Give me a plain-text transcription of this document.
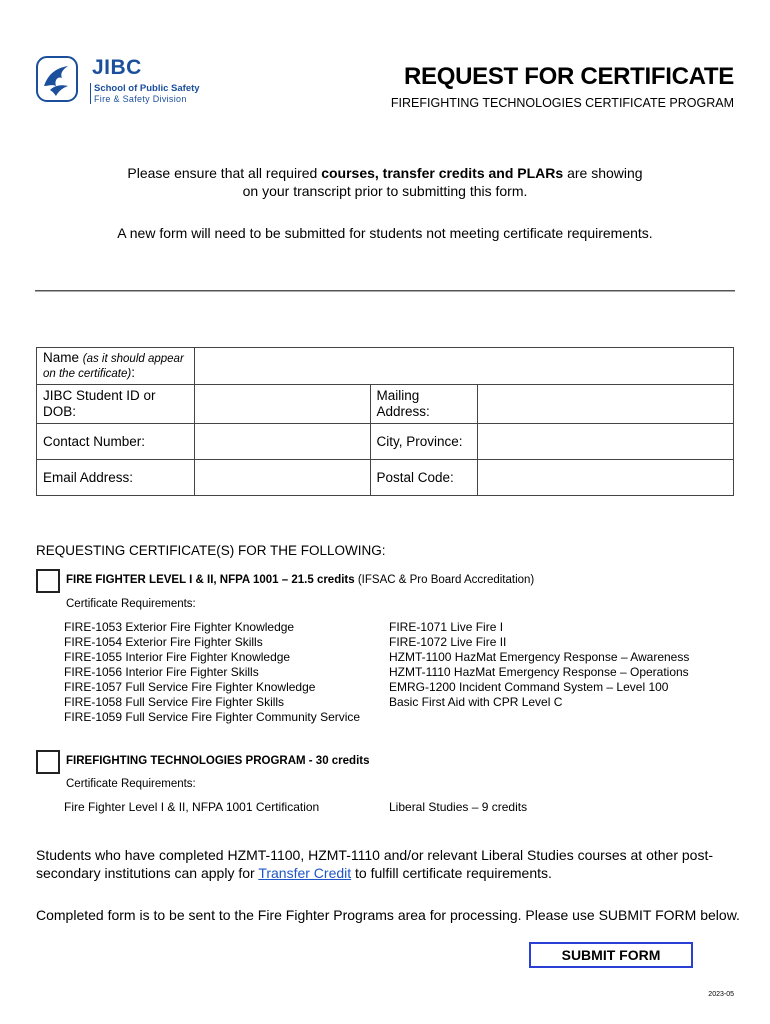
JIBC
School of Public Safety
Fire & Safety Division
REQUEST FOR CERTIFICATE
FIREFIGHTING TECHNOLOGIES CERTIFICATE PROGRAM
Please ensure that all required courses, transfer credits and PLARs are showing
on your transcript prior to submitting this form.
A new form will need to be submitted for students not meeting certificate requirements.
Name (as it should appear on the certificate):			
JIBC Student ID or DOB:		Mailing Address:	
Contact Number:		City, Province:	
Email Address:		Postal Code:	
REQUESTING CERTIFICATE(S) FOR THE FOLLOWING:
FIRE FIGHTER LEVEL I & II, NFPA 1001 – 21.5 credits (IFSAC & Pro Board Accreditation)
Certificate Requirements:
FIRE-1053 Exterior Fire Fighter Knowledge
FIRE-1054 Exterior Fire Fighter Skills
FIRE-1055 Interior Fire Fighter Knowledge
FIRE-1056 Interior Fire Fighter Skills
FIRE-1057 Full Service Fire Fighter Knowledge
FIRE-1058 Full Service Fire Fighter Skills
FIRE-1059 Full Service Fire Fighter Community Service
FIRE-1071 Live Fire I
FIRE-1072 Live Fire II
HZMT-1100 HazMat Emergency Response – Awareness
HZMT-1110 HazMat Emergency Response – Operations
EMRG-1200 Incident Command System – Level 100
Basic First Aid with CPR Level C
FIREFIGHTING TECHNOLOGIES PROGRAM - 30 credits
Certificate Requirements:
Fire Fighter Level I & II, NFPA 1001 Certification	Liberal Studies – 9 credits
Students who have completed HZMT-1100, HZMT-1110 and/or relevant Liberal Studies courses at other post-secondary institutions can apply for Transfer Credit to fulfill certificate requirements.
Completed form is to be sent to the Fire Fighter Programs area for processing. Please use SUBMIT FORM below.
SUBMIT FORM
2023-05
